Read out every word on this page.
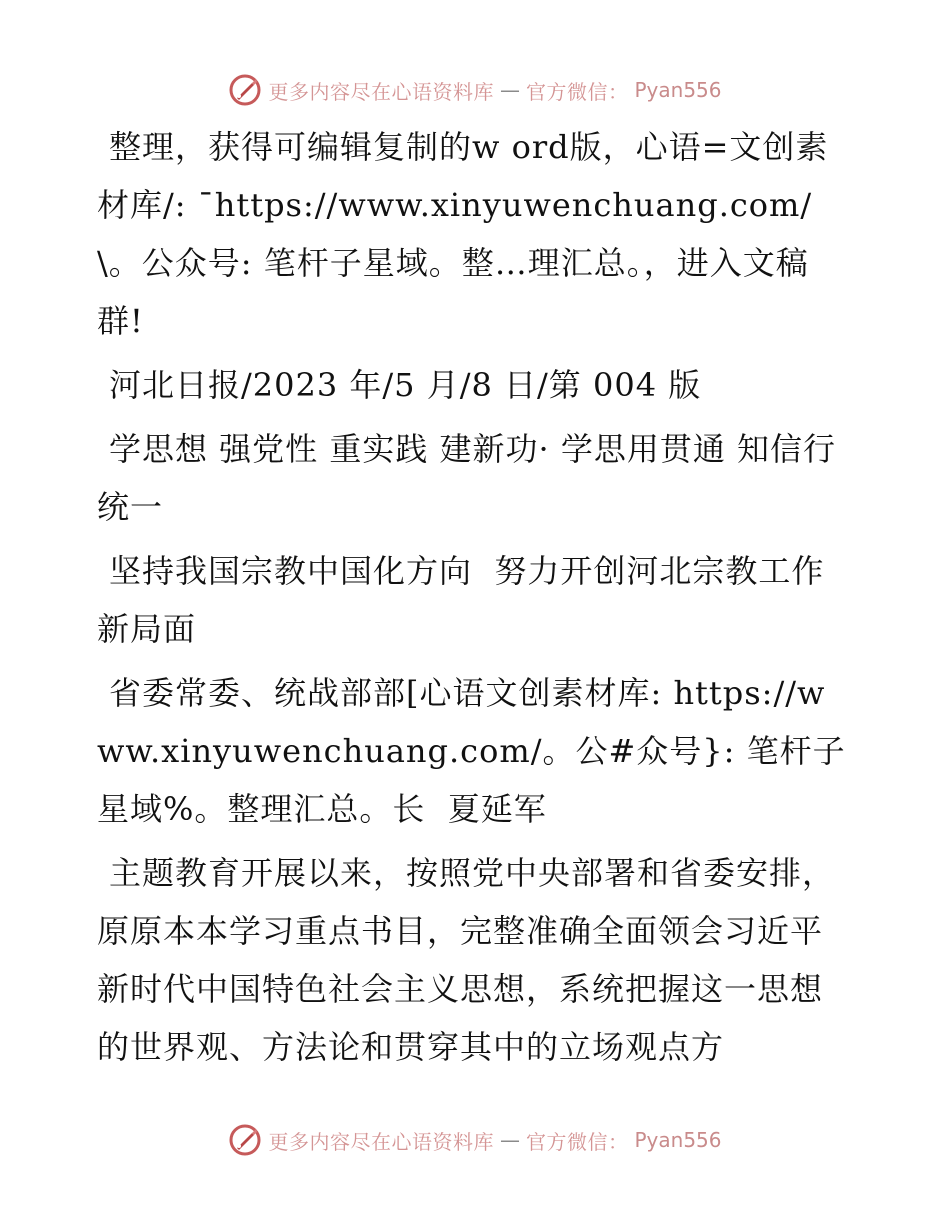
更多内容尽在心语资料库 — 官方微信： Pyan556

整理，获得可编辑复制的w ord版，心语=文创素材库/: ¯https://www.xinyuwenchuang.com/\。公众号: 笔杆子星域。整…理汇总。，进入文稿群!

河北日报/2023 年/5 月/8 日/第 004 版

学思想 强党性 重实践 建新功· 学思用贯通 知信行统一

坚持我国宗教中国化方向  努力开创河北宗教工作新局面

省委常委、统战部部[心语文创素材库: https://www.xinyuwenchuang.com/。公#众号}: 笔杆子星域%。整理汇总。长  夏延军

主题教育开展以来，按照党中央部署和省委安排，原原本本学习重点书目，完整准确全面领会习近平新时代中国特色社会主义思想，系统把握这一思想的世界观、方法论和贯穿其中的立场观点方

更多内容尽在心语资料库 — 官方微信： Pyan556
